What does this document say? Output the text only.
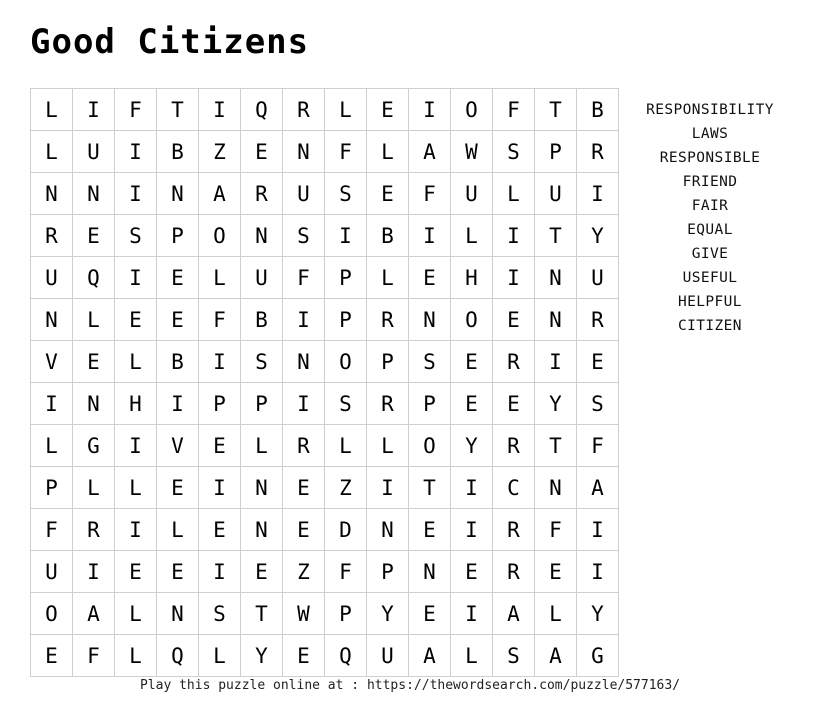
Good Citizens
L	I	F	T	I	Q	R	L	E	I	O	F	T	B
L	U	I	B	Z	E	N	F	L	A	W	S	P	R
N	N	I	N	A	R	U	S	E	F	U	L	U	I
R	E	S	P	O	N	S	I	B	I	L	I	T	Y
U	Q	I	E	L	U	F	P	L	E	H	I	N	U
N	L	E	E	F	B	I	P	R	N	O	E	N	R
V	E	L	B	I	S	N	O	P	S	E	R	I	E
I	N	H	I	P	P	I	S	R	P	E	E	Y	S
L	G	I	V	E	L	R	L	L	O	Y	R	T	F
P	L	L	E	I	N	E	Z	I	T	I	C	N	A
F	R	I	L	E	N	E	D	N	E	I	R	F	I
U	I	E	E	I	E	Z	F	P	N	E	R	E	I
O	A	L	N	S	T	W	P	Y	E	I	A	L	Y
E	F	L	Q	L	Y	E	Q	U	A	L	S	A	G
RESPONSIBILITY
LAWS
RESPONSIBLE
FRIEND
FAIR
EQUAL
GIVE
USEFUL
HELPFUL
CITIZEN
Play this puzzle online at : https://thewordsearch.com/puzzle/577163/
